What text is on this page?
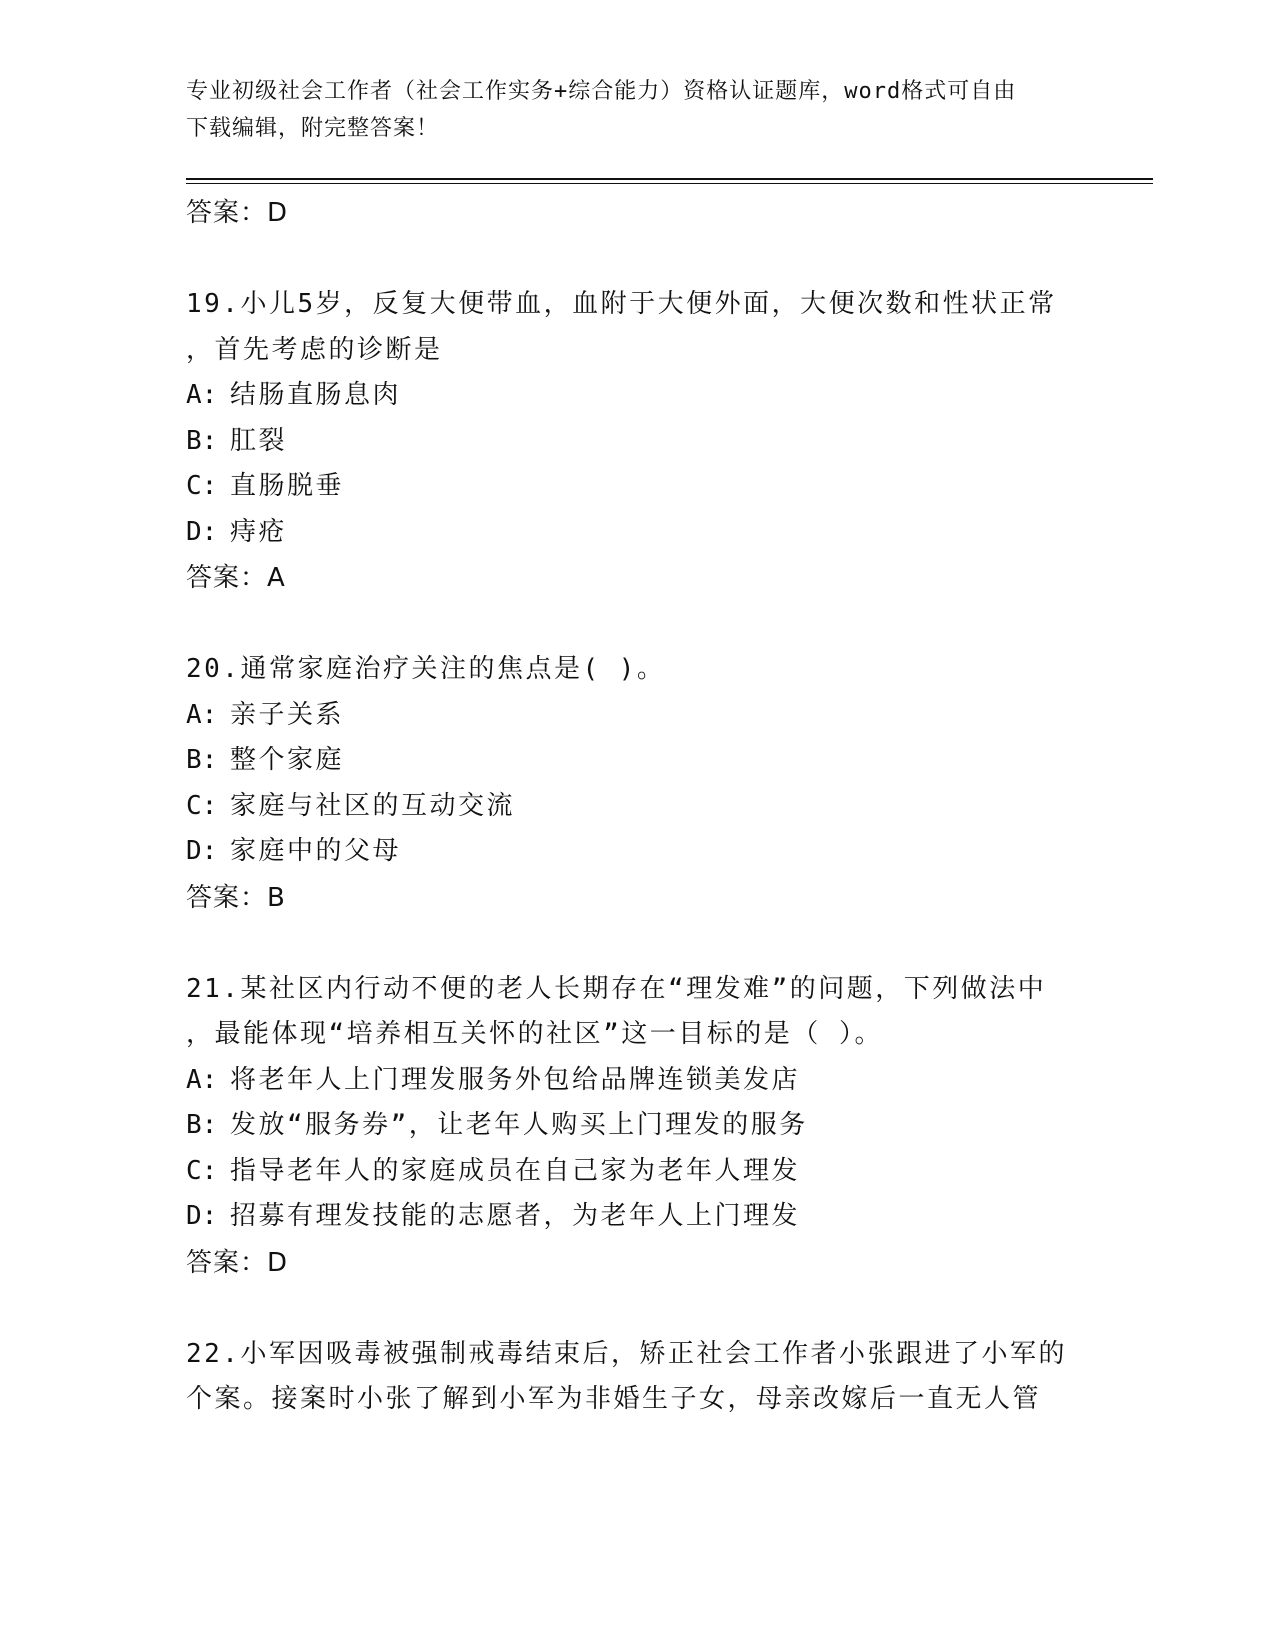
专业初级社会工作者（社会工作实务+综合能力）资格认证题库，word格式可自由
下载编辑，附完整答案！
答案：D
19.小儿5岁，反复大便带血，血附于大便外面，大便次数和性状正常
，首先考虑的诊断是
A: 结肠直肠息肉
B: 肛裂
C: 直肠脱垂
D: 痔疮
答案：A
20.通常家庭治疗关注的焦点是( )。
A: 亲子关系
B: 整个家庭
C: 家庭与社区的互动交流
D: 家庭中的父母
答案：B
21.某社区内行动不便的老人长期存在“理发难”的问题，下列做法中
，最能体现“培养相互关怀的社区”这一目标的是（ ）。
A: 将老年人上门理发服务外包给品牌连锁美发店
B: 发放“服务券”，让老年人购买上门理发的服务
C: 指导老年人的家庭成员在自己家为老年人理发
D: 招募有理发技能的志愿者，为老年人上门理发
答案：D
22.小军因吸毒被强制戒毒结束后，矫正社会工作者小张跟进了小军的
个案。接案时小张了解到小军为非婚生子女，母亲改嫁后一直无人管
